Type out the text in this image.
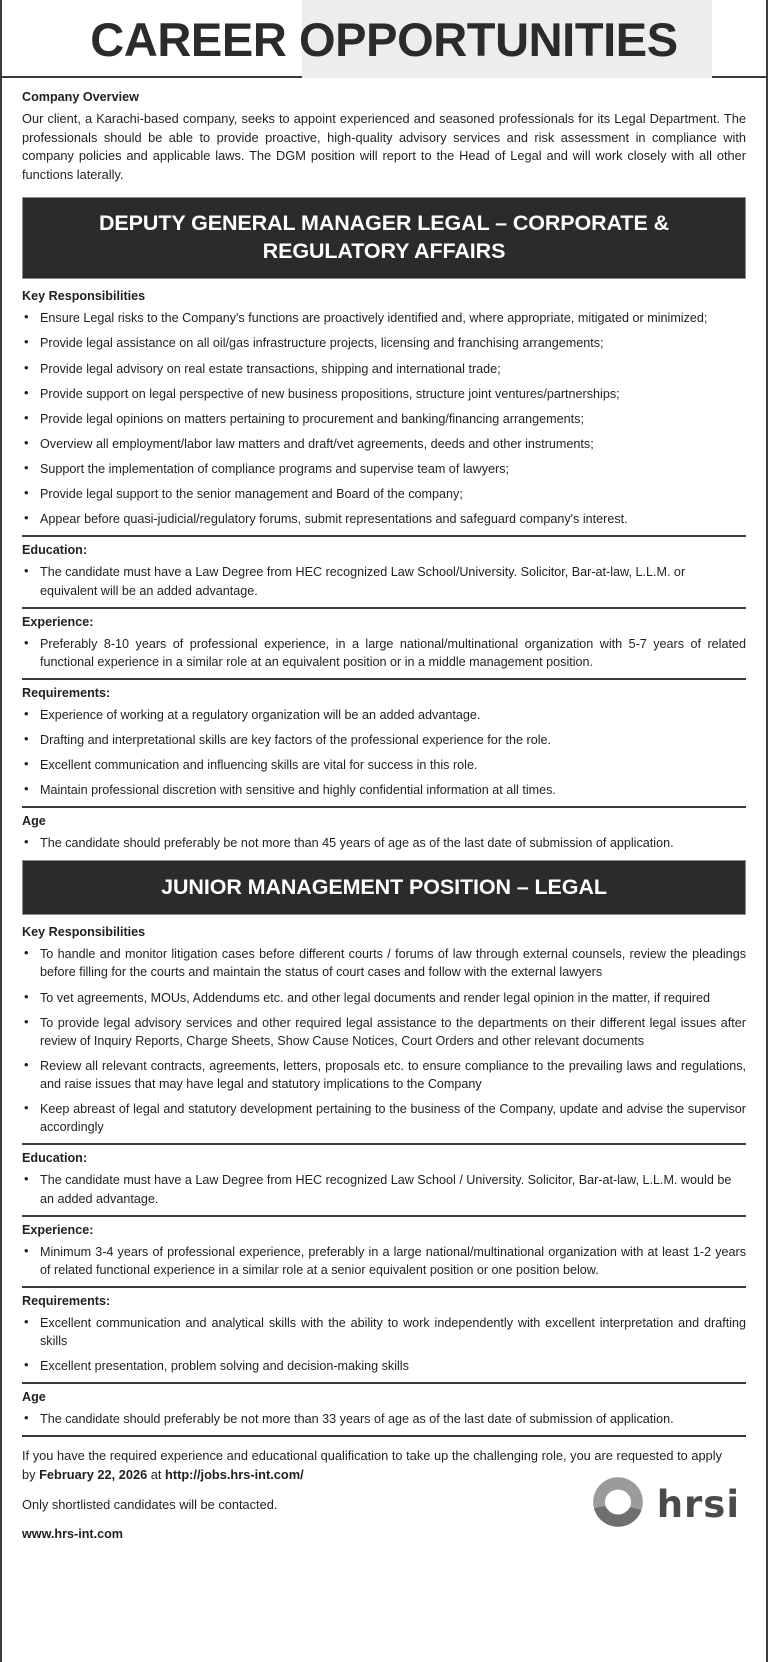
CAREER OPPORTUNITIES
Company Overview

Our client, a Karachi-based company, seeks to appoint experienced and seasoned professionals for its Legal Department. The professionals should be able to provide proactive, high-quality advisory services and risk assessment in compliance with company policies and applicable laws. The DGM position will report to the Head of Legal and will work closely with all other functions laterally.

DEPUTY GENERAL MANAGER LEGAL – CORPORATE & REGULATORY AFFAIRS
Key Responsibilities
• Ensure Legal risks to the Company's functions are proactively identified and, where appropriate, mitigated or minimized;
• Provide legal assistance on all oil/gas infrastructure projects, licensing and franchising arrangements;
• Provide legal advisory on real estate transactions, shipping and international trade;
• Provide support on legal perspective of new business propositions, structure joint ventures/partnerships;
• Provide legal opinions on matters pertaining to procurement and banking/financing arrangements;
• Overview all employment/labor law matters and draft/vet agreements, deeds and other instruments;
• Support the implementation of compliance programs and supervise team of lawyers;
• Provide legal support to the senior management and Board of the company;
• Appear before quasi-judicial/regulatory forums, submit representations and safeguard company's interest.
Education:
• The candidate must have a Law Degree from HEC recognized Law School/University. Solicitor, Bar-at-law, L.L.M. or equivalent will be an added advantage.
Experience:
• Preferably 8-10 years of professional experience, in a large national/multinational organization with 5-7 years of related functional experience in a similar role at an equivalent position or in a middle management position.
Requirements:
• Experience of working at a regulatory organization will be an added advantage.
• Drafting and interpretational skills are key factors of the professional experience for the role.
• Excellent communication and influencing skills are vital for success in this role.
• Maintain professional discretion with sensitive and highly confidential information at all times.
Age
• The candidate should preferably be not more than 45 years of age as of the last date of submission of application.
JUNIOR MANAGEMENT POSITION – LEGAL
Key Responsibilities
• To handle and monitor litigation cases before different courts / forums of law through external counsels, review the pleadings before filling for the courts and maintain the status of court cases and follow with the external lawyers
• To vet agreements, MOUs, Addendums etc. and other legal documents and render legal opinion in the matter, if required
• To provide legal advisory services and other required legal assistance to the departments on their different legal issues after review of Inquiry Reports, Charge Sheets, Show Cause Notices, Court Orders and other relevant documents
• Review all relevant contracts, agreements, letters, proposals etc. to ensure compliance to the prevailing laws and regulations, and raise issues that may have legal and statutory implications to the Company
• Keep abreast of legal and statutory development pertaining to the business of the Company, update and advise the supervisor accordingly
Education:
• The candidate must have a Law Degree from HEC recognized Law School / University. Solicitor, Bar-at-law, L.L.M. would be an added advantage.
Experience:
• Minimum 3-4 years of professional experience, preferably in a large national/multinational organization with at least 1-2 years of related functional experience in a similar role at a senior equivalent position or one position below.
Requirements:
• Excellent communication and analytical skills with the ability to work independently with excellent interpretation and drafting skills
• Excellent presentation, problem solving and decision-making skills
Age
• The candidate should preferably be not more than 33 years of age as of the last date of submission of application.

If you have the required experience and educational qualification to take up the challenging role, you are requested to apply by February 22, 2026 at http://jobs.hrs-int.com/

Only shortlisted candidates will be contacted.

www.hrs-int.com

hrsi
